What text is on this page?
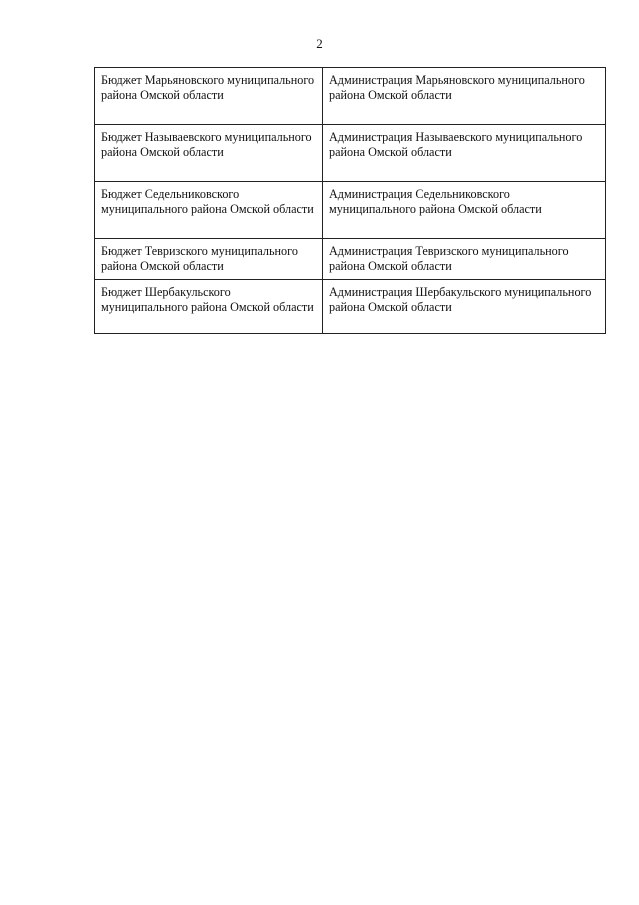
2
Бюджет Марьяновского муниципального района Омской области	Администрация Марьяновского муниципального района Омской области
Бюджет Называевского муниципального района Омской области	Администрация Называевского муниципального района Омской области
Бюджет Седельниковского муниципального района Омской области	Администрация Седельниковского муниципального района Омской области
Бюджет Тевризского муниципального района Омской области	Администрация Тевризского муниципального района Омской области
Бюджет Шербакульского муниципального района Омской области	Администрация Шербакульского муниципального района Омской области
